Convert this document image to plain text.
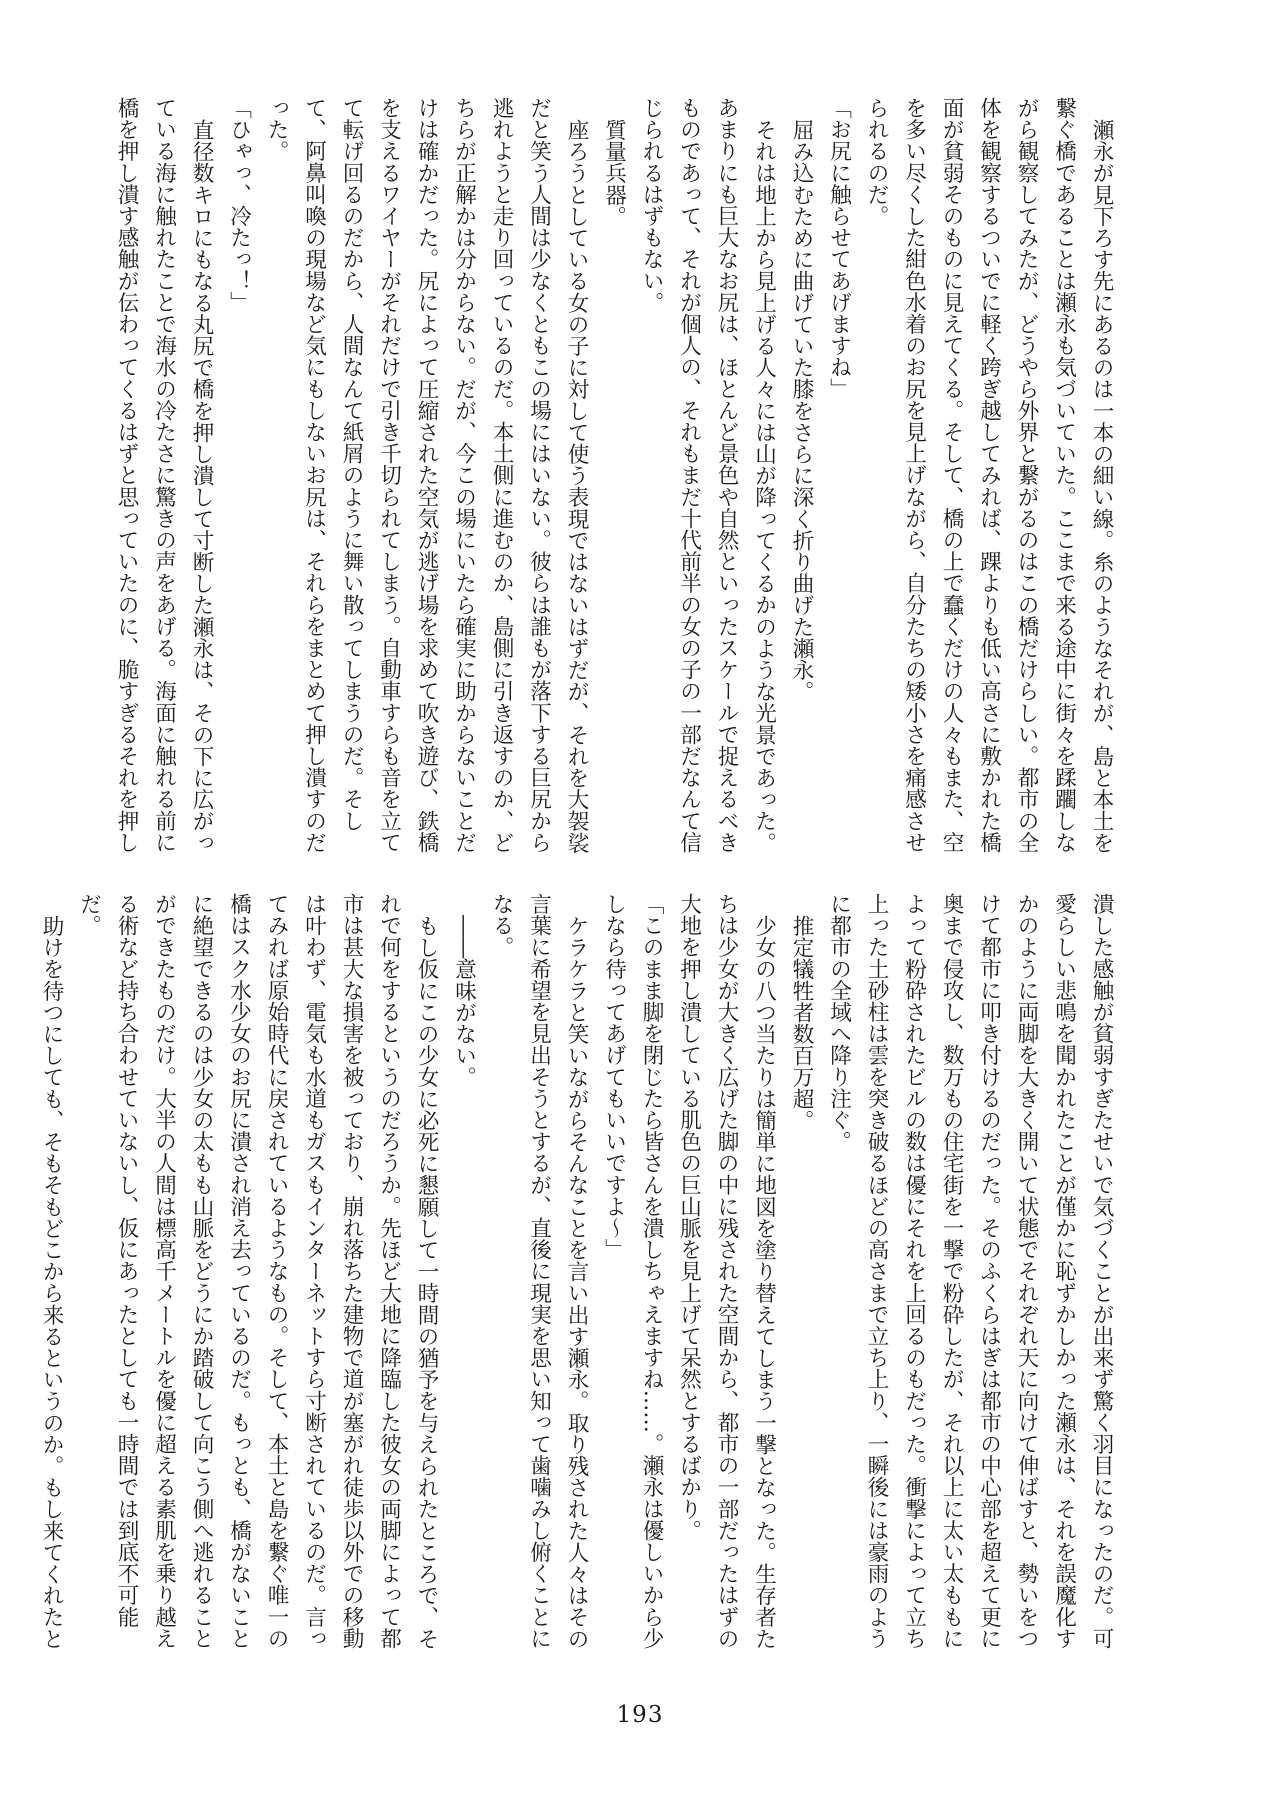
瀬永が見下ろす先にあるのは一本の細い線。糸のようなそれが、島と本土を繋ぐ橋であることは瀬永も気づいていた。ここまで来る途中に街々を蹂躙しながら観察してみたが、どうやら外界と繋がるのはこの橋だけらしい。都市の全体を観察するついでに軽く跨ぎ越してみれば、踝よりも低い高さに敷かれた橋面が貧弱そのものに見えてくる。そして、橋の上で蠢くだけの人々もまた、空を多い尽くした紺色水着のお尻を見上げながら、自分たちの矮小さを痛感させられるのだ。

「お尻に触らせてあげますね」

屈み込むために曲げていた膝をさらに深く折り曲げた瀬永。

それは地上から見上げる人々には山が降ってくるかのような光景であった。あまりにも巨大なお尻は、ほとんど景色や自然といったスケールで捉えるべきものであって、それが個人の、それもまだ十代前半の女の子の一部だなんて信じられるはずもない。

質量兵器。

座ろうとしている女の子に対して使う表現ではないはずだが、それを大袈裟だと笑う人間は少なくともこの場にはいない。彼らは誰もが落下する巨尻から逃れようと走り回っているのだ。本土側に進むのか、島側に引き返すのか、どちらが正解かは分からない。だが、今この場にいたら確実に助からないことだけは確かだった。尻によって圧縮された空気が逃げ場を求めて吹き遊び、鉄橋を支えるワイヤーがそれだけで引き千切られてしまう。自動車すらも音を立てて転げ回るのだから、人間なんて紙屑のように舞い散ってしまうのだ。そして、阿鼻叫喚の現場など気にもしないお尻は、それらをまとめて押し潰すのだった。

「ひゃっ、冷たっ！」

直径数キロにもなる丸尻で橋を押し潰して寸断した瀬永は、その下に広がっている海に触れたことで海水の冷たさに驚きの声をあげる。海面に触れる前に橋を押し潰す感触が伝わってくるはずと思っていたのに、脆すぎるそれを押し

潰した感触が貧弱すぎたせいで気づくことが出来ず驚く羽目になったのだ。可愛らしい悲鳴を聞かれたことが僅かに恥ずかしかった瀬永は、それを誤魔化すかのように両脚を大きく開いて状態でそれぞれ天に向けて伸ばすと、勢いをつけて都市に叩き付けるのだった。そのふくらはぎは都市の中心部を超えて更に奥まで侵攻し、数万もの住宅街を一撃で粉砕したが、それ以上に太い太ももによって粉砕されたビルの数は優にそれを上回るのもだった。衝撃によって立ち上った土砂柱は雲を突き破るほどの高さまで立ち上り、一瞬後には豪雨のように都市の全域へ降り注ぐ。

推定犠牲者数百万超。

少女の八つ当たりは簡単に地図を塗り替えてしまう一撃となった。生存者たちは少女が大きく広げた脚の中に残された空間から、都市の一部だったはずの大地を押し潰している肌色の巨山脈を見上げて呆然とするばかり。

「このまま脚を閉じたら皆さんを潰しちゃえますね……。瀬永は優しいから少しなら待ってあげてもいいですよ～」

ケラケラと笑いながらそんなことを言い出す瀬永。取り残された人々はその言葉に希望を見出そうとするが、直後に現実を思い知って歯噛みし俯くことになる。

――意味がない。

もし仮にこの少女に必死に懇願して一時間の猶予を与えられたところで、それで何をするというのだろうか。先ほど大地に降臨した彼女の両脚によって都市は甚大な損害を被っており、崩れ落ちた建物で道が塞がれ徒歩以外での移動は叶わず、電気も水道もガスもインターネットすら寸断されているのだ。言ってみれば原始時代に戻されているようなもの。そして、本土と島を繋ぐ唯一の橋はスク水少女のお尻に潰され消え去っているのだ。もっとも、橋がないことに絶望できるのは少女の太もも山脈をどうにか踏破して向こう側へ逃れることができたものだけ。大半の人間は標高千メートルを優に超える素肌を乗り越える術など持ち合わせていないし、仮にあったとしても一時間では到底不可能だ。

助けを待つにしても、そもそもどこから来るというのか。もし来てくれたと

193
